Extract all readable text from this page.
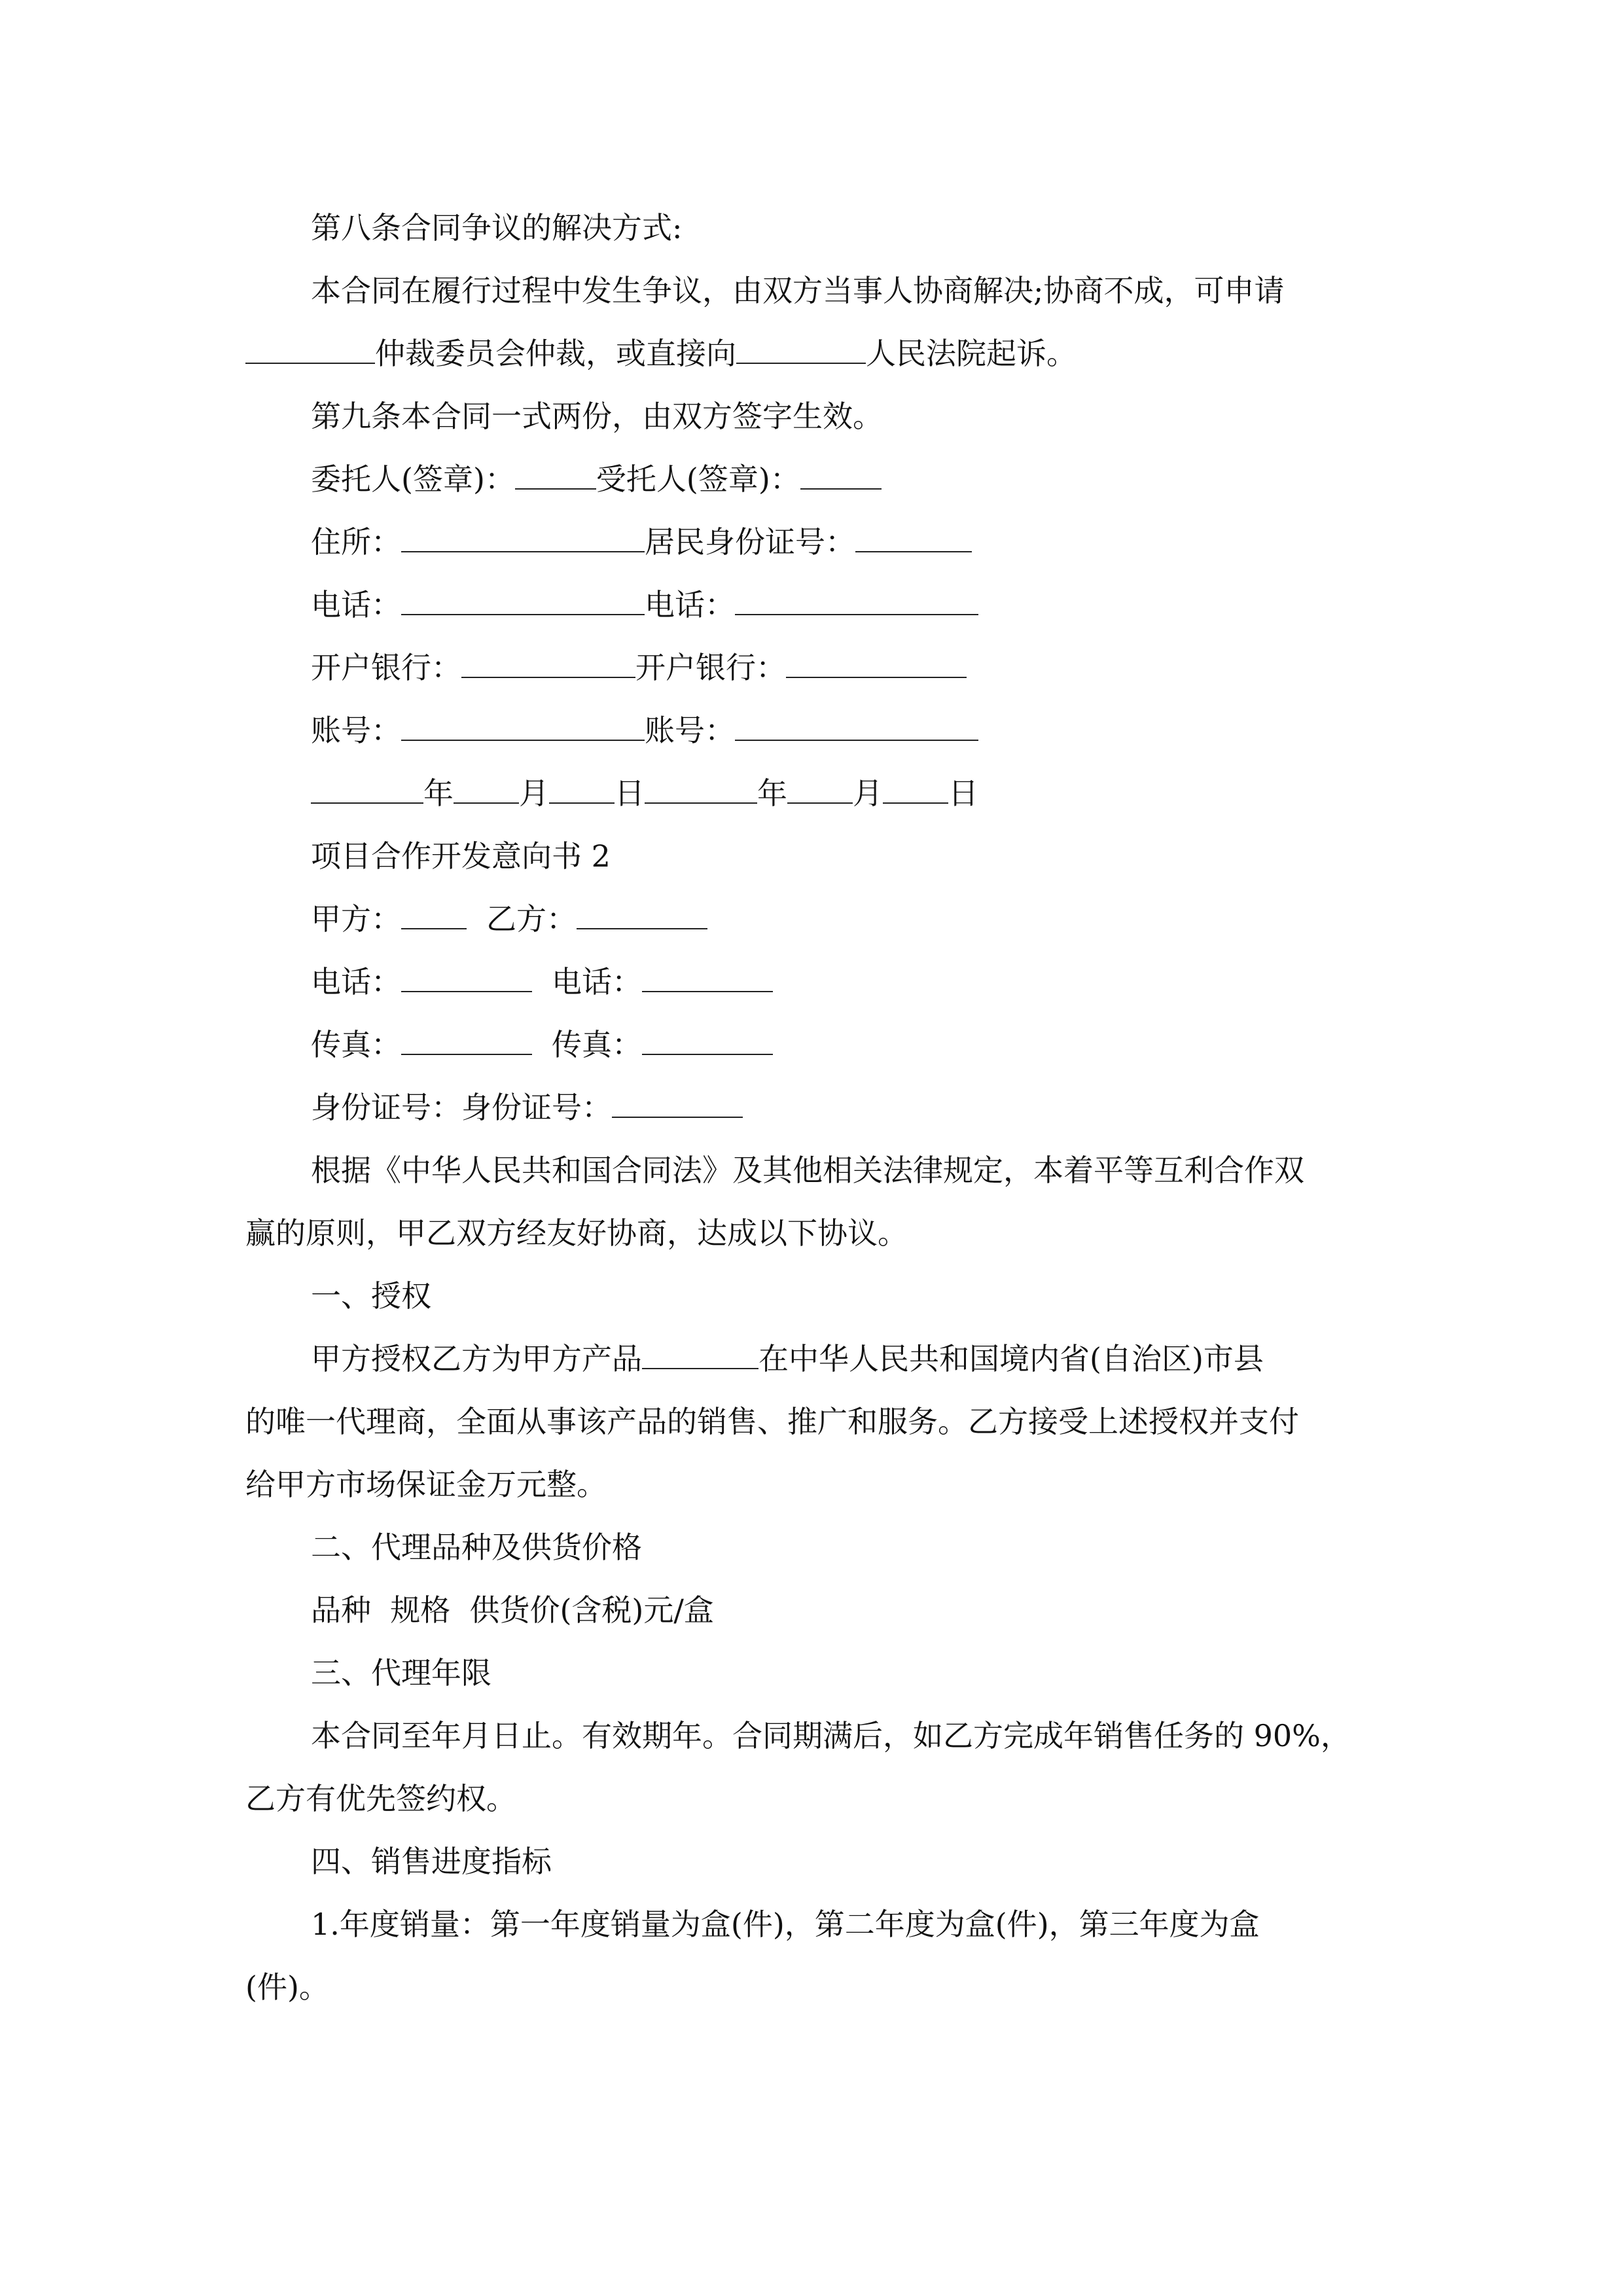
第八条合同争议的解决方式:
本合同在履行过程中发生争议，由双方当事人协商解决;协商不成，可申请
仲裁委员会仲裁，或直接向	人民法院起诉。
第九条本合同一式两份，由双方签字生效。
委托人(签章)：	受托人(签章)：
住所：	居民身份证号：
电话：	电话：
开户银行：	开户银行：
账号：	账号：
年 月 日	年 月 日
项目合作开发意向书 2
甲方：	乙方：
电话：	电话：
传真：	传真：
身份证号：身份证号：
根据《中华人民共和国合同法》及其他相关法律规定，本着平等互利合作双
赢的原则，甲乙双方经友好协商，达成以下协议。
一、授权
甲方授权乙方为甲方产品	在中华人民共和国境内省(自治区)市县
的唯一代理商，全面从事该产品的销售、推广和服务。乙方接受上述授权并支付
给甲方市场保证金万元整。
二、代理品种及供货价格
品种  规格  供货价(含税)元/盒
三、代理年限
本合同至年月日止。有效期年。合同期满后，如乙方完成年销售任务的 90%，
乙方有优先签约权。
四、销售进度指标
1.年度销量：第一年度销量为盒(件)，第二年度为盒(件)，第三年度为盒
(件)。
